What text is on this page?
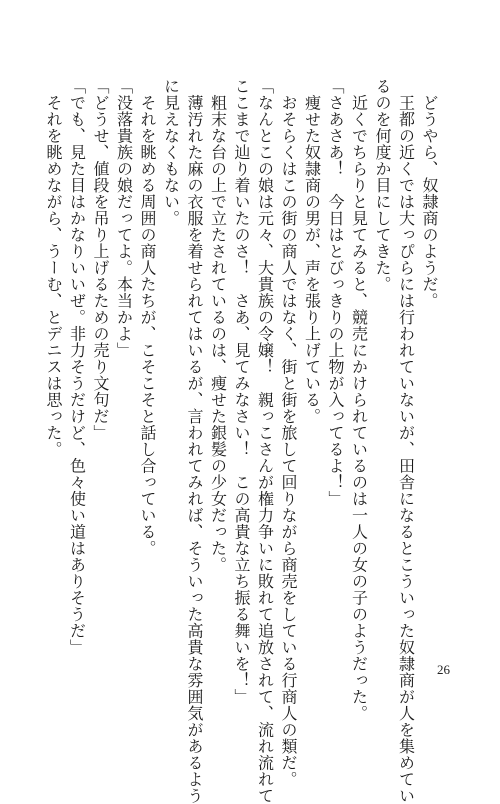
　どうやら、奴隷商のようだ。
　王都の近くでは大っぴらには行われていないが、田舎になるとこういった奴隷商が人を集めてい
るのを何度か目にしてきた。
　近くでちらりと見てみると、競売にかけられているのは一人の女の子のようだった。
「さあさあ！　今日はとびっきりの上物が入ってるよ！」
　痩せた奴隷商の男が、声を張り上げている。
　おそらくはこの街の商人ではなく、街と街を旅して回りながら商売をしている行商人の類だ。
「なんとこの娘は元々、大貴族の令嬢！　親っこさんが権力争いに敗れて追放されて、流れ流れて
ここまで辿り着いたのさ！　さあ、見てみなさい！　この高貴な立ち振る舞いを！」
　粗末な台の上で立たされているのは、痩せた銀髪の少女だった。
　薄汚れた麻の衣服を着せられてはいるが、言われてみれば、そういった高貴な雰囲気があるよう
に見えなくもない。
　それを眺める周囲の商人たちが、こそこそと話し合っている。
「没落貴族の娘だってよ。本当かよ」
「どうせ、値段を吊り上げるための売り文句だ」
「でも、見た目はかなりいいぜ。非力そうだけど、色々使い道はありそうだ」
　それを眺めながら、うーむ、とデニスは思った。
26
